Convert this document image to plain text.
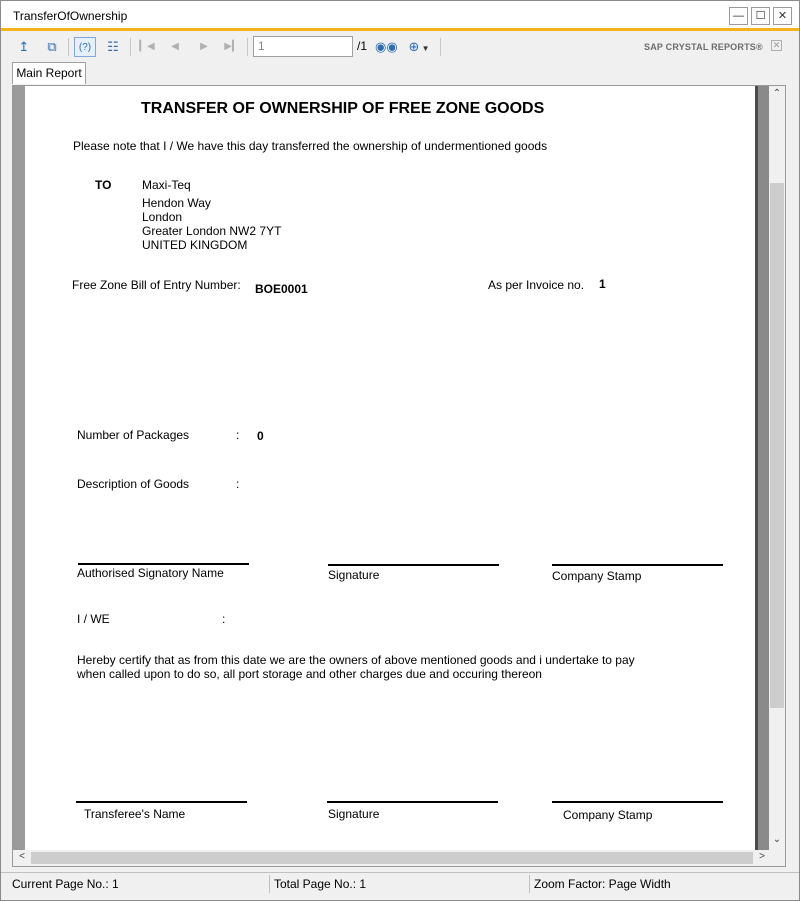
TransferOfOwnership	—	☐	✕
↥	⧉	(?)	☷	▎◀	◀	▶	▶▎	◉◉ ⊕ ▼
1	/1	SAP CRYSTAL REPORTS® ✕
Main Report
TRANSFER OF OWNERSHIP OF FREE ZONE GOODS
Please note that I / We have this day transferred the ownership of undermentioned goods
TO	Maxi-Teq
Hendon Way
London
Greater London NW2 7YT
UNITED KINGDOM
Free Zone Bill of Entry Number: BOE0001	As per Invoice no. 1
Number of Packages	: 0
Description of Goods	:
Authorised Signatory Name	Signature	Company Stamp
I / WE	:
Hereby certify that as from this date we are the owners of above mentioned goods and i undertake to pay
when called upon to do so, all port storage and other charges due and occuring thereon
Transferee's Name	Signature	Company Stamp
⌃
⌄
<	>
Current Page No.: 1	Total Page No.: 1	Zoom Factor: Page Width
